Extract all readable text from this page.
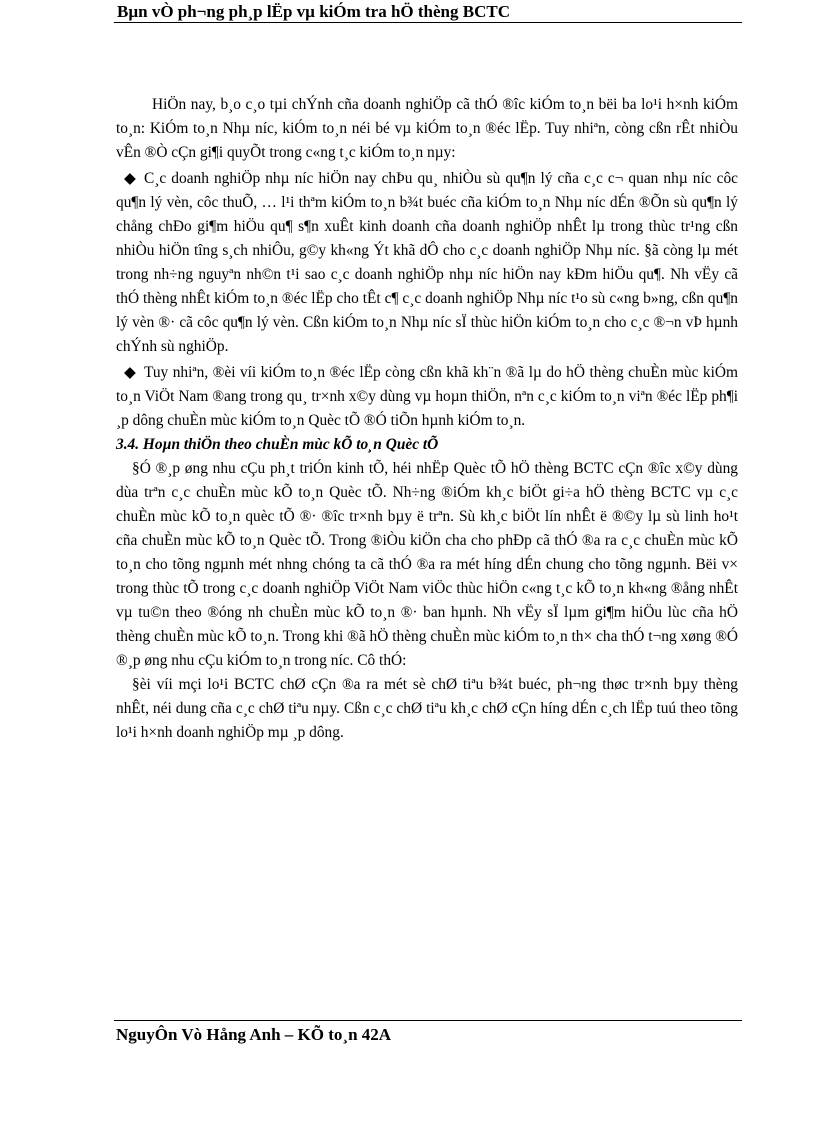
Bµn vÒ ph¬ng ph¸p lËp vµ kiÓm tra hÖ thèng BCTC

HiÖn nay, b¸o c¸o tµi chÝnh cña doanh nghiÖp cã thÓ ®îc kiÓm to¸n bëi ba lo¹i h×nh kiÓm to¸n: KiÓm to¸n Nhµ níc, kiÓm to¸n néi bé vµ kiÓm to¸n ®éc lËp. Tuy nhiªn, còng cßn rÊt nhiÒu vÊn ®Ò cÇn gi¶i quyÕt trong c«ng t¸c kiÓm to¸n nµy:

◆ C¸c doanh nghiÖp nhµ níc hiÖn nay chÞu qu¸ nhiÒu sù qu¶n lý cña c¸c c¬ quan nhµ níc côc qu¶n lý vèn, côc thuÕ, … l¹i thªm kiÓm to¸n b¾t buéc cña kiÓm to¸n Nhµ níc dÉn ®Õn sù qu¶n lý chång chÐo gi¶m hiÖu qu¶ s¶n xuÊt kinh doanh cña doanh nghiÖp nhÊt lµ trong thùc tr¹ng cßn nhiÒu hiÖn tîng s¸ch nhiÔu, g©y kh«ng Ýt khã dÔ cho c¸c doanh nghiÖp Nhµ níc. §ã còng lµ mét trong nh÷ng nguyªn nh©n t¹i sao c¸c doanh nghiÖp nhµ níc hiÖn nay kÐm hiÖu qu¶. Nh vËy cã thÓ thèng nhÊt kiÓm to¸n ®éc lËp cho tÊt c¶ c¸c doanh nghiÖp Nhµ níc t¹o sù c«ng b»ng, cßn qu¶n lý vèn ®· cã côc qu¶n lý vèn. Cßn kiÓm to¸n Nhµ níc sÏ thùc hiÖn kiÓm to¸n cho c¸c ®¬n vÞ hµnh chÝnh sù nghiÖp.

◆ Tuy nhiªn, ®èi víi kiÓm to¸n ®éc lËp còng cßn khã kh¨n ®ã lµ do hÖ thèng chuÈn mùc kiÓm to¸n ViÖt Nam ®ang trong qu¸ tr×nh x©y dùng vµ hoµn thiÖn, nªn c¸c kiÓm to¸n viªn ®éc lËp ph¶i ¸p dông chuÈn mùc kiÓm to¸n Quèc tÕ ®Ó tiÕn hµnh kiÓm to¸n.

3.4. Hoµn thiÖn theo chuÈn mùc kÕ to¸n Quèc tÕ

§Ó ®¸p øng nhu cÇu ph¸t triÓn kinh tÕ, héi nhËp Quèc tÕ hÖ thèng BCTC cÇn ®îc x©y dùng dùa trªn c¸c chuÈn mùc kÕ to¸n Quèc tÕ. Nh÷ng ®iÓm kh¸c biÖt gi÷a hÖ thèng BCTC vµ c¸c chuÈn mùc kÕ to¸n quèc tÕ ®· ®îc tr×nh bµy ë trªn. Sù kh¸c biÖt lín nhÊt ë ®©y lµ sù linh ho¹t cña chuÈn mùc kÕ to¸n Quèc tÕ. Trong ®iÒu kiÖn cha cho phÐp cã thÓ ®a ra c¸c chuÈn mùc kÕ to¸n cho tõng ngµnh mét nhng chóng ta cã thÓ ®a ra mét híng dÉn chung cho tõng ngµnh. Bëi v× trong thùc tÕ trong c¸c doanh nghiÖp ViÖt Nam viÖc thùc hiÖn c«ng t¸c kÕ to¸n kh«ng ®ång nhÊt vµ tu©n theo ®óng nh chuÈn mùc kÕ to¸n ®· ban hµnh. Nh vËy sÏ lµm gi¶m hiÖu lùc cña hÖ thèng chuÈn mùc kÕ to¸n. Trong khi ®ã hÖ thèng chuÈn mùc kiÓm to¸n th× cha thÓ t¬ng xøng ®Ó ®¸p øng nhu cÇu kiÓm to¸n trong níc. Cô thÓ:

§èi víi mçi lo¹i BCTC chØ cÇn ®a ra mét sè chØ tiªu b¾t buéc, ph¬ng thøc tr×nh bµy thèng nhÊt, néi dung cña c¸c chØ tiªu nµy. Cßn c¸c chØ tiªu kh¸c chØ cÇn híng dÉn c¸ch lËp tuú theo tõng lo¹i h×nh doanh nghiÖp mµ ¸p dông.

NguyÔn Vò Hång Anh – KÕ to¸n 42A
